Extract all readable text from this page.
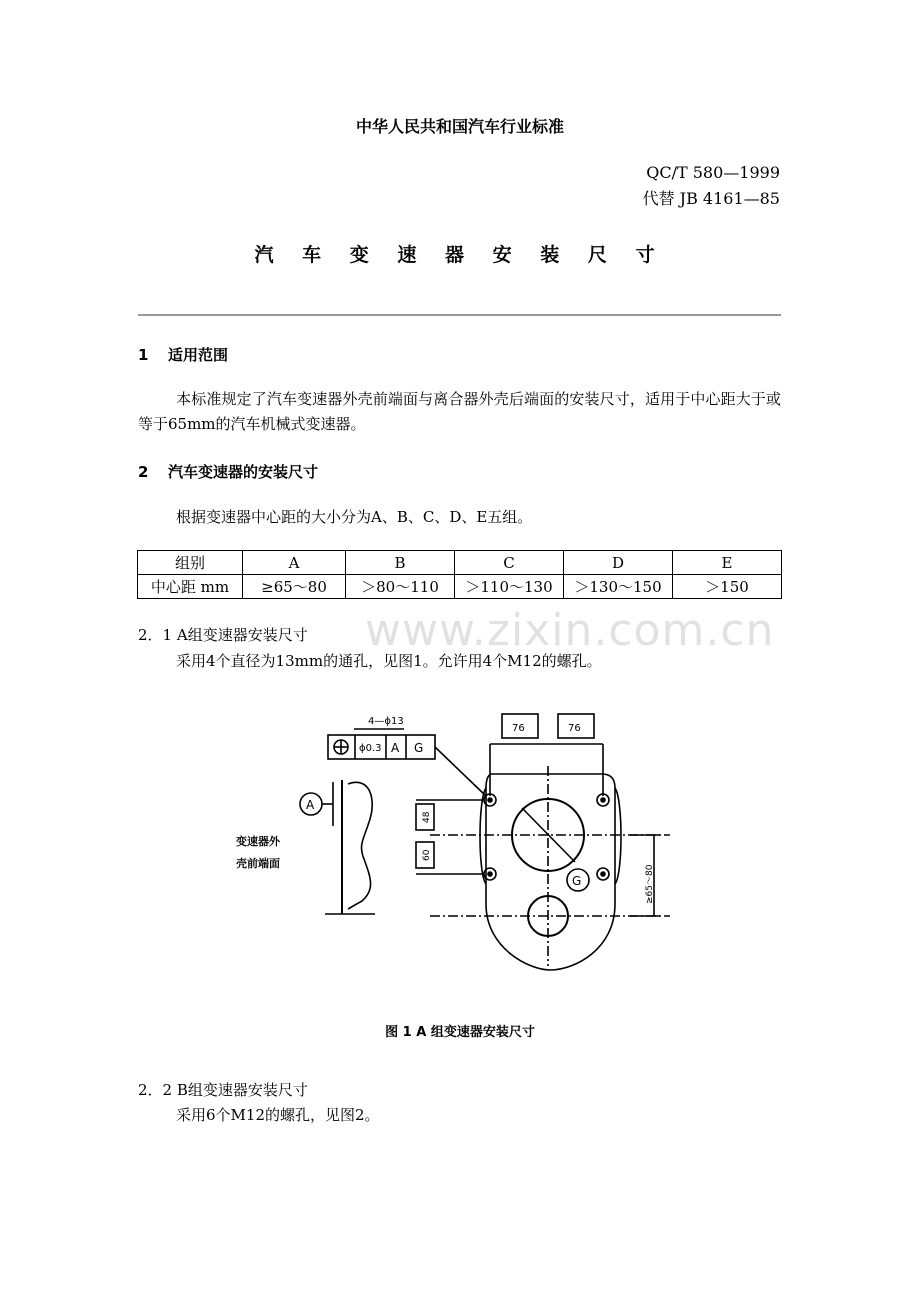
中华人民共和国汽车行业标准
QC/T 580—1999
代替 JB 4161—85
汽 车 变 速 器 安 装 尺 寸
1 适用范围
本标准规定了汽车变速器外壳前端面与离合器外壳后端面的安装尺寸，适用于中心距大于或等于65mm的汽车机械式变速器。
2 汽车变速器的安装尺寸
根据变速器中心距的大小分为A、B、C、D、E五组。
组别	A	B	C	D	E
中心距 mm	≥65～80	＞80～110	＞110～130	＞130～150	＞150
2．1 A组变速器安装尺寸
采用4个直径为13mm的通孔，见图1。允许用4个M12的螺孔。
www.zixin.com.cn
4—ϕ13
ϕ0.3 A G
A
G
变速器外
壳前端面
76	76
48
60
≥65～80
图 1 A 组变速器安装尺寸
2．2 B组变速器安装尺寸
采用6个M12的螺孔，见图2。
